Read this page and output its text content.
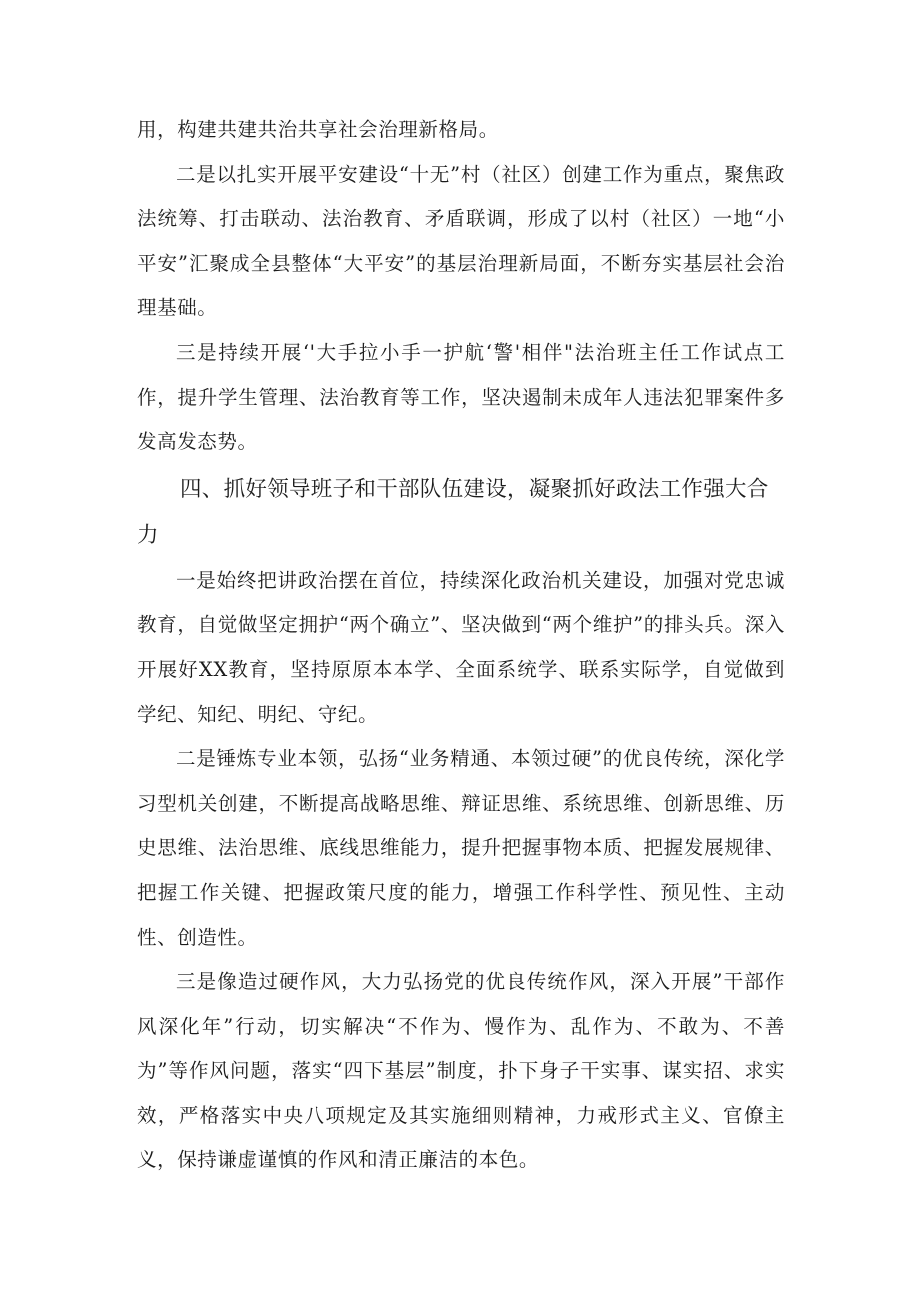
用，构建共建共治共享社会治理新格局。

二是以扎实开展平安建设“十无”村（社区）创建工作为重点，聚焦政法统筹、打击联动、法治教育、矛盾联调，形成了以村（社区）一地“小平安”汇聚成全县整体“大平安”的基层治理新局面，不断夯实基层社会治理基础。

三是持续开展‘'大手拉小手一护航‘警'相伴"法治班主任工作试点工作，提升学生管理、法治教育等工作，坚决遏制未成年人违法犯罪案件多发高发态势。

四、抓好领导班子和干部队伍建设，凝聚抓好政法工作强大合力

一是始终把讲政治摆在首位，持续深化政治机关建设，加强对党忠诚教育，自觉做坚定拥护“两个确立”、坚决做到“两个维护”的排头兵。深入开展好XX教育，坚持原原本本学、全面系统学、联系实际学，自觉做到学纪、知纪、明纪、守纪。

二是锤炼专业本领，弘扬“业务精通、本领过硬”的优良传统，深化学习型机关创建，不断提高战略思维、辩证思维、系统思维、创新思维、历史思维、法治思维、底线思维能力，提升把握事物本质、把握发展规律、把握工作关键、把握政策尺度的能力，增强工作科学性、预见性、主动性、创造性。

三是像造过硬作风，大力弘扬党的优良传统作风，深入开展”干部作风深化年”行动，切实解决“不作为、慢作为、乱作为、不敢为、不善为”等作风问题，落实“四下基层”制度，扑下身子干实事、谋实招、求实效，严格落实中央八项规定及其实施细则精神，力戒形式主义、官僚主义，保持谦虚谨慎的作风和清正廉洁的本色。
